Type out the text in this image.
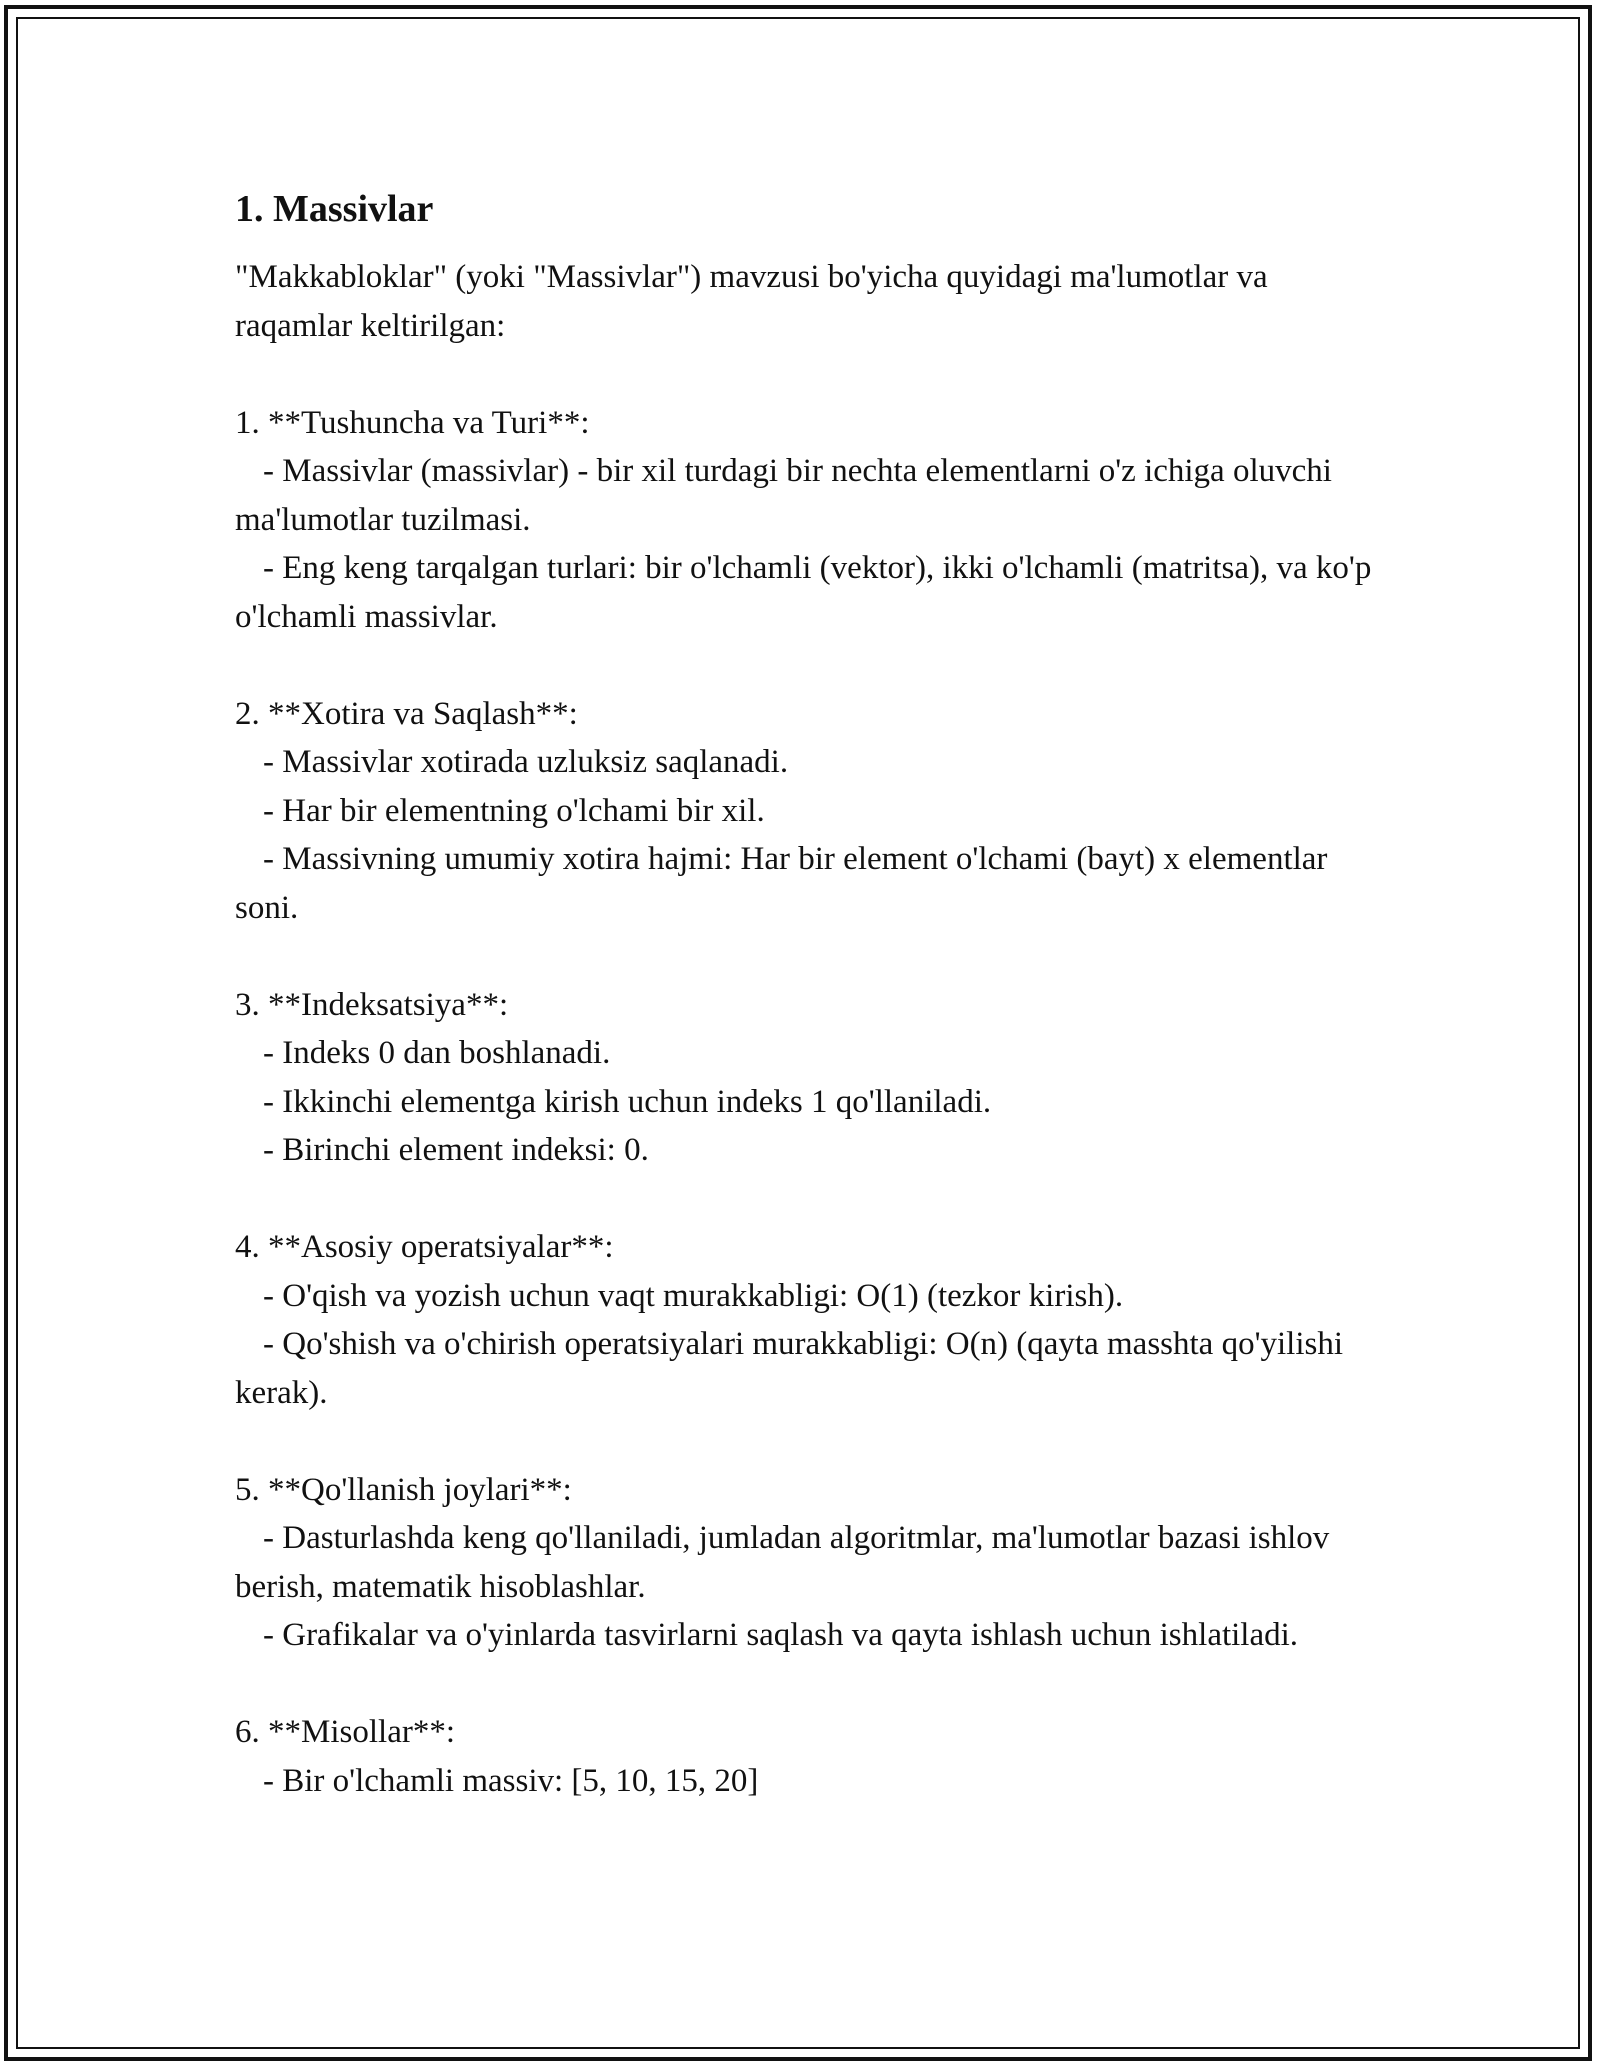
1. Massivlar

"Makkabloklar" (yoki "Massivlar") mavzusi bo'yicha quyidagi ma'lumotlar va raqamlar keltirilgan:

1. **Tushuncha va Turi**:

- Massivlar (massivlar) - bir xil turdagi bir nechta elementlarni o'z ichiga oluvchi ma'lumotlar tuzilmasi.

- Eng keng tarqalgan turlari: bir o'lchamli (vektor), ikki o'lchamli (matritsa), va ko'p o'lchamli massivlar.

2. **Xotira va Saqlash**:

- Massivlar xotirada uzluksiz saqlanadi.

- Har bir elementning o'lchami bir xil.

- Massivning umumiy xotira hajmi: Har bir element o'lchami (bayt) x elementlar soni.

3. **Indeksatsiya**:

- Indeks 0 dan boshlanadi.

- Ikkinchi elementga kirish uchun indeks 1 qo'llaniladi.

- Birinchi element indeksi: 0.

4. **Asosiy operatsiyalar**:

- O'qish va yozish uchun vaqt murakkabligi: O(1) (tezkor kirish).

- Qo'shish va o'chirish operatsiyalari murakkabligi: O(n) (qayta masshta qo'yilishi kerak).

5. **Qo'llanish joylari**:

- Dasturlashda keng qo'llaniladi, jumladan algoritmlar, ma'lumotlar bazasi ishlov berish, matematik hisoblashlar.

- Grafikalar va o'yinlarda tasvirlarni saqlash va qayta ishlash uchun ishlatiladi.

6. **Misollar**:

- Bir o'lchamli massiv: [5, 10, 15, 20]
